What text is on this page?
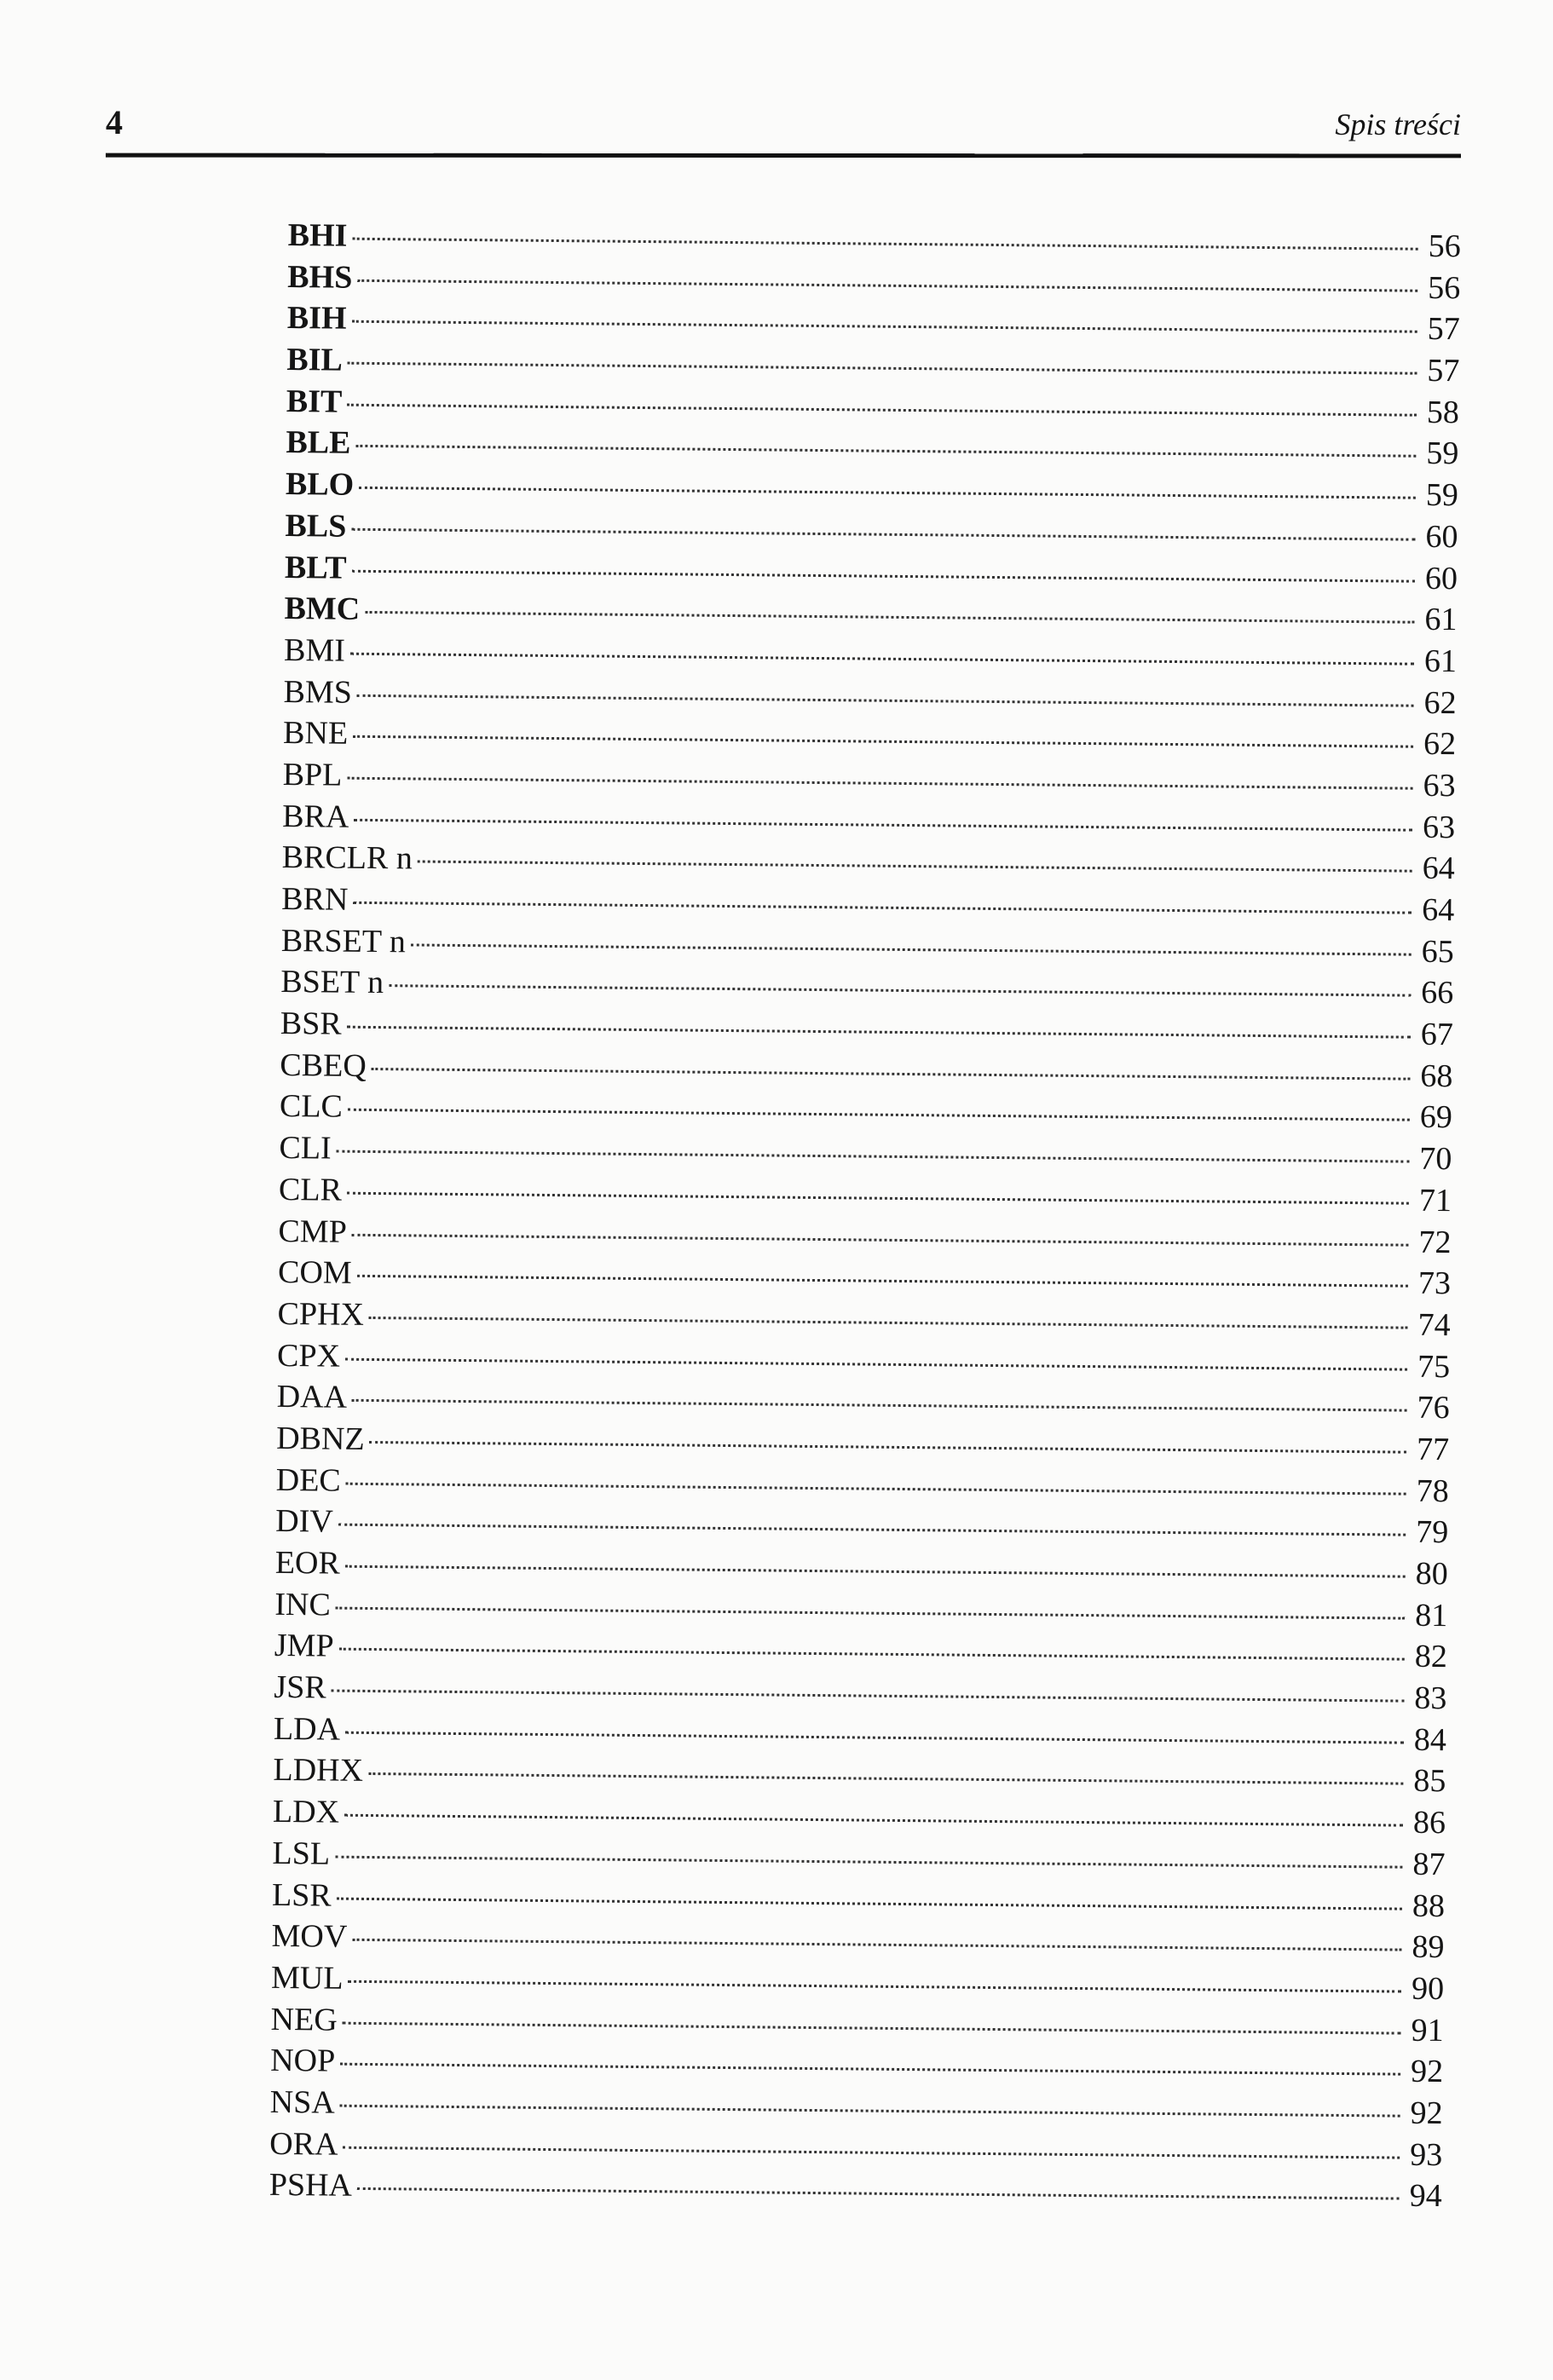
4	Spis treści
BHI	56
BHS	56
BIH	57
BIL	57
BIT	58
BLE	59
BLO	59
BLS	60
BLT	60
BMC	61
BMI	61
BMS	62
BNE	62
BPL	63
BRA	63
BRCLR n	64
BRN	64
BRSET n	65
BSET n	66
BSR	67
CBEQ	68
CLC	69
CLI	70
CLR	71
CMP	72
COM	73
CPHX	74
CPX	75
DAA	76
DBNZ	77
DEC	78
DIV	79
EOR	80
INC	81
JMP	82
JSR	83
LDA	84
LDHX	85
LDX	86
LSL	87
LSR	88
MOV	89
MUL	90
NEG	91
NOP	92
NSA	92
ORA	93
PSHA	94
